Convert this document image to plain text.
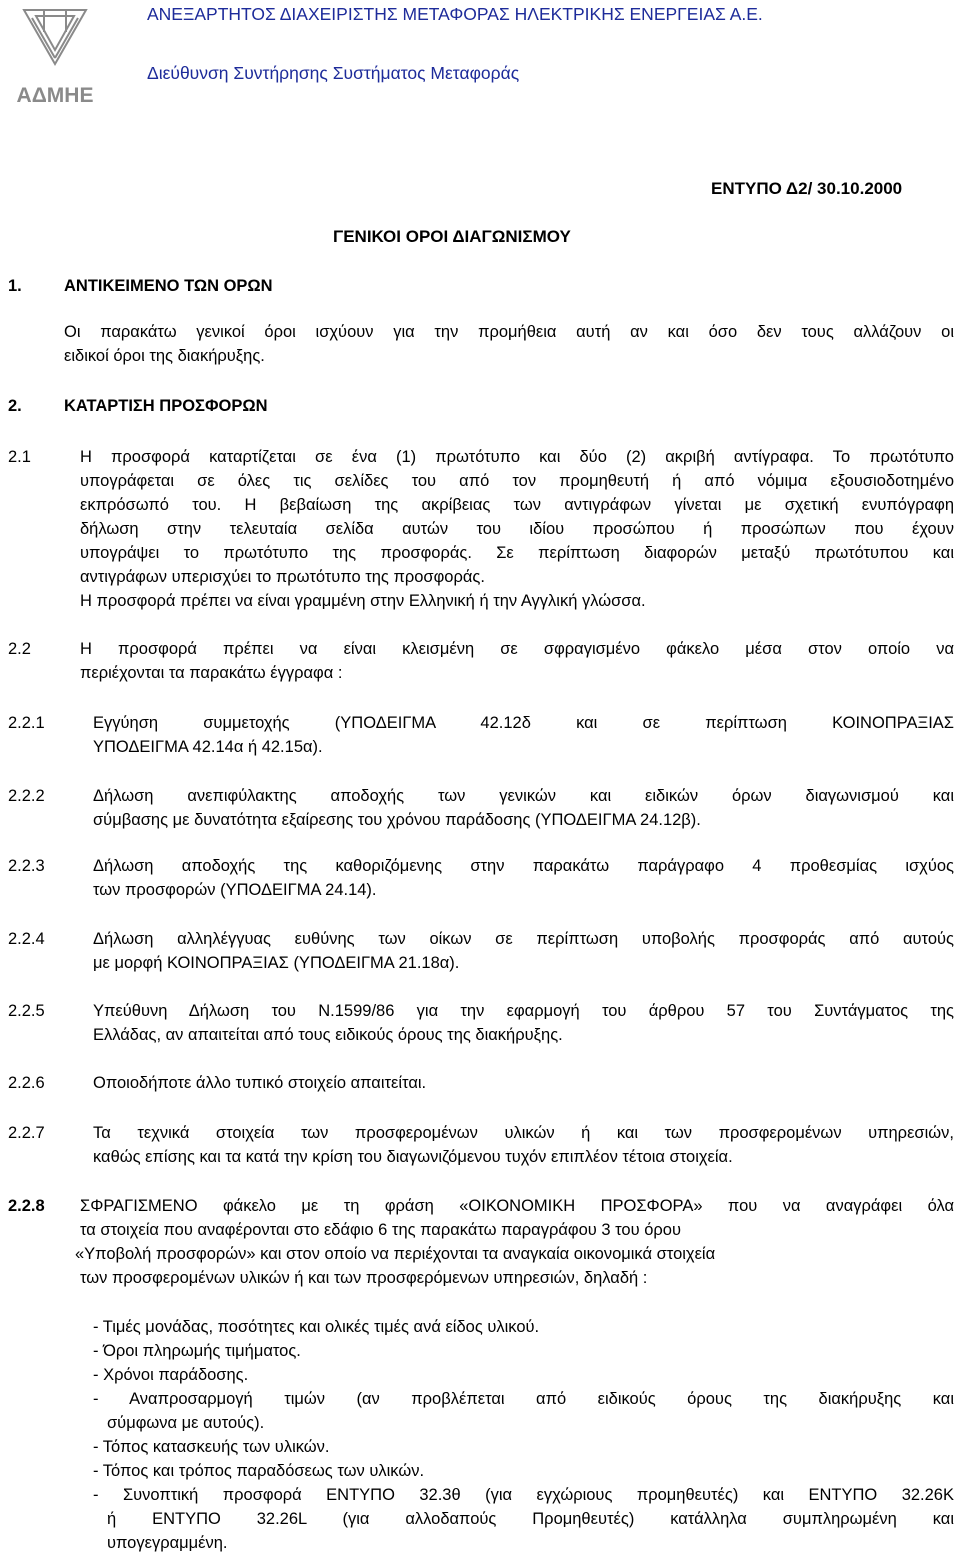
ΑΔΜΗΕ
ΑΝΕΞΑΡΤΗΤΟΣ ΔΙΑΧΕΙΡΙΣΤΗΣ ΜΕΤΑΦΟΡΑΣ ΗΛΕΚΤΡΙΚΗΣ ΕΝΕΡΓΕΙΑΣ Α.Ε.
Διεύθυνση Συντήρησης Συστήματος Μεταφοράς
ΕΝΤΥΠΟ Δ2/ 30.10.2000
ΓΕΝΙΚΟΙ ΟΡΟΙ ΔΙΑΓΩΝΙΣΜΟΥ
1.	ΑΝΤΙΚΕΙΜΕΝΟ ΤΩΝ ΟΡΩΝ
Οι παρακάτω γενικοί όροι ισχύουν για την προμήθεια αυτή αν και όσο δεν τους αλλάζουν οι
ειδικοί όροι της διακήρυξης.
2.	ΚΑΤΑΡΤΙΣΗ ΠΡΟΣΦΟΡΩΝ
2.1	Η προσφορά καταρτίζεται σε ένα (1) πρωτότυπο και δύο (2) ακριβή αντίγραφα. Το πρωτότυπο
υπογράφεται σε όλες τις σελίδες του από τον προμηθευτή ή από νόμιμα εξουσιοδοτημένο
εκπρόσωπό του. Η βεβαίωση της ακρίβειας των αντιγράφων γίνεται με σχετική ενυπόγραφη
δήλωση στην τελευταία σελίδα αυτών του ιδίου προσώπου ή προσώπων που έχουν
υπογράψει το πρωτότυπο της προσφοράς. Σε περίπτωση διαφορών μεταξύ πρωτότυπου και
αντιγράφων υπερισχύει το πρωτότυπο της προσφοράς.
Η προσφορά πρέπει να είναι γραμμένη στην Ελληνική ή την Αγγλική γλώσσα.
2.2	Η προσφορά πρέπει να είναι κλεισμένη σε σφραγισμένο φάκελο μέσα στον οποίο να
περιέχονται τα παρακάτω έγγραφα :
2.2.1	Εγγύηση συμμετοχής (ΥΠΟΔΕΙΓΜΑ 42.12δ και σε περίπτωση ΚΟΙΝΟΠΡΑΞΙΑΣ
ΥΠΟΔΕΙΓΜΑ 42.14α ή 42.15α).
2.2.2	Δήλωση ανεπιφύλακτης αποδοχής των γενικών και ειδικών όρων διαγωνισμού και
σύμβασης με δυνατότητα εξαίρεσης του χρόνου παράδοσης (ΥΠΟΔΕΙΓΜΑ 24.12β).
2.2.3	Δήλωση αποδοχής της καθοριζόμενης στην παρακάτω παράγραφο 4 προθεσμίας ισχύος
των προσφορών (ΥΠΟΔΕΙΓΜΑ 24.14).
2.2.4	Δήλωση αλληλέγγυας ευθύνης των οίκων σε περίπτωση υποβολής προσφοράς από αυτούς
με μορφή ΚΟΙΝΟΠΡΑΞΙΑΣ (ΥΠΟΔΕΙΓΜΑ 21.18α).
2.2.5	Υπεύθυνη Δήλωση του Ν.1599/86 για την εφαρμογή του άρθρου 57 του Συντάγματος της
Ελλάδας, αν απαιτείται από τους ειδικούς όρους της διακήρυξης.
2.2.6	Οποιοδήποτε άλλο τυπικό στοιχείο απαιτείται.
2.2.7	Τα τεχνικά στοιχεία των προσφερομένων υλικών ή και των προσφερομένων υπηρεσιών,
καθώς επίσης και τα κατά την κρίση του διαγωνιζόμενου τυχόν επιπλέον τέτοια στοιχεία.
2.2.8 ΣΦΡΑΓΙΣΜΕΝΟ φάκελο με τη φράση «ΟΙΚΟΝΟΜΙΚΗ ΠΡΟΣΦΟΡΑ» που να αναγράφει όλα
τα στοιχεία που αναφέρονται στο εδάφιο 6 της παρακάτω παραγράφου 3 του όρου
«Υποβολή προσφορών» και στον οποίο να περιέχονται τα αναγκαία οικονομικά στοιχεία
των προσφερομένων υλικών ή και των προσφερόμενων υπηρεσιών, δηλαδή :
- Τιμές μονάδας, ποσότητες και ολικές τιμές ανά είδος υλικού.
- Όροι πληρωμής τιμήματος.
- Χρόνοι παράδοσης.
- Αναπροσαρμογή τιμών (αν προβλέπεται από ειδικούς όρους της διακήρυξης και
σύμφωνα με αυτούς).
- Τόπος κατασκευής των υλικών.
- Τόπος και τρόπος παραδόσεως των υλικών.
- Συνοπτική προσφορά ΕΝΤΥΠΟ 32.3θ (για εγχώριους προμηθευτές) και ΕΝΤΥΠΟ 32.26Κ
ή ΕΝΤΥΠΟ 32.26L (για αλλοδαπούς Προμηθευτές) κατάλληλα συμπληρωμένη και
υπογεγραμμένη.
